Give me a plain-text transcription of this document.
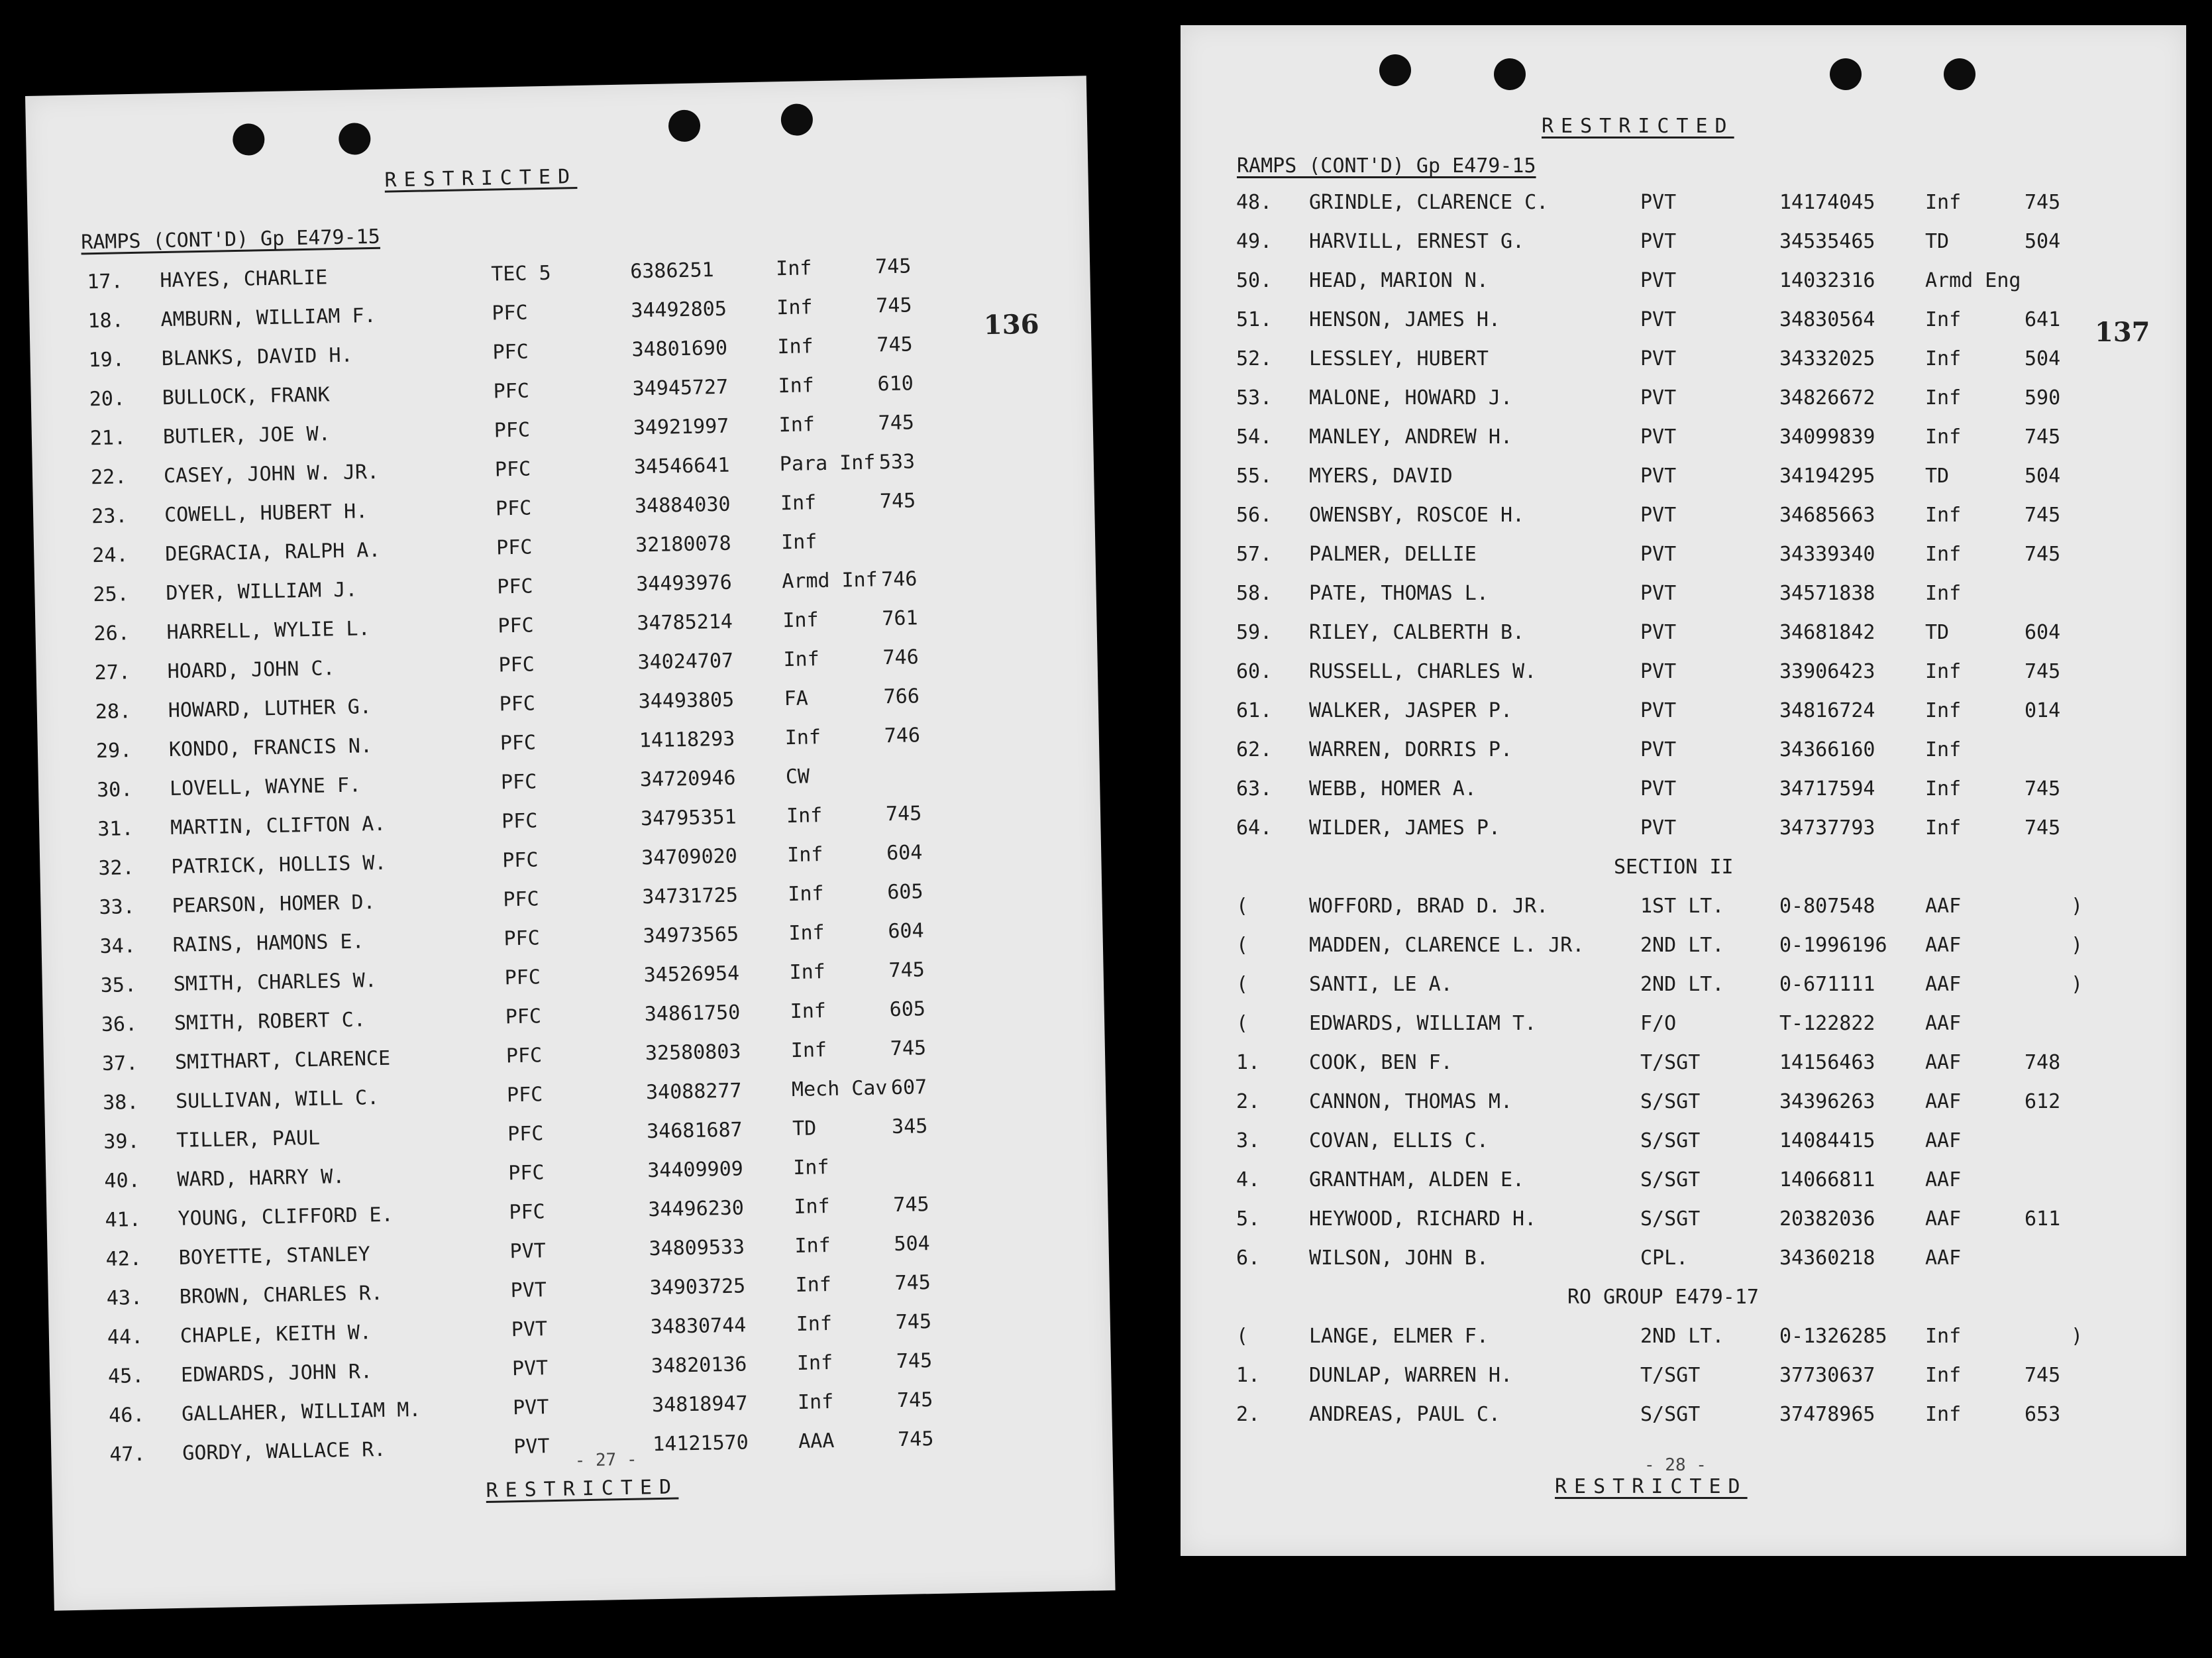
RESTRICTED
RAMPS (CONT'D) Gp E479-15
136
17. HAYES, CHARLIE	TEC 5	6386251	Inf	745
18. AMBURN, WILLIAM F.	PFC	34492805 Inf	745
19. BLANKS, DAVID H.	PFC	34801690 Inf	745
20. BULLOCK, FRANK	PFC	34945727 Inf	610
21. BUTLER, JOE W.	PFC	34921997 Inf	745
22. CASEY, JOHN W. JR.	PFC	34546641 Para Inf 533
23. COWELL, HUBERT H.	PFC	34884030 Inf	745
24. DEGRACIA, RALPH A.	PFC	32180078 Inf
25. DYER, WILLIAM J.	PFC	34493976 Armd Inf 746
26. HARRELL, WYLIE L.	PFC	34785214 Inf	761
27. HOARD, JOHN C.	PFC	34024707 Inf	746
28. HOWARD, LUTHER G.	PFC	34493805 FA	766
29. KONDO, FRANCIS N.	PFC	14118293 Inf	746
30. LOVELL, WAYNE F.	PFC	34720946 CW
31. MARTIN, CLIFTON A.	PFC	34795351 Inf	745
32. PATRICK, HOLLIS W.	PFC	34709020 Inf	604
33. PEARSON, HOMER D.	PFC	34731725 Inf	605
34. RAINS, HAMONS E.	PFC	34973565 Inf	604
35. SMITH, CHARLES W.	PFC	34526954 Inf	745
36. SMITH, ROBERT C.	PFC	34861750 Inf	605
37. SMITHART, CLARENCE	PFC	32580803 Inf	745
38. SULLIVAN, WILL C.	PFC	34088277 Mech Cav 607
39. TILLER, PAUL	PFC	34681687 TD	345
40. WARD, HARRY W.	PFC	34409909 Inf
41. YOUNG, CLIFFORD E.	PFC	34496230 Inf	745
42. BOYETTE, STANLEY	PVT	34809533 Inf	504
43. BROWN, CHARLES R.	PVT	34903725 Inf	745
44. CHAPLE, KEITH W.	PVT	34830744 Inf	745
45. EDWARDS, JOHN R.	PVT	34820136 Inf	745
46. GALLAHER, WILLIAM M.	PVT	34818947 Inf	745
47. GORDY, WALLACE R.	PVT	14121570 AAA	745
- 27 -
RESTRICTED
RESTRICTED
RAMPS (CONT'D) Gp E479-15
137
48. GRINDLE, CLARENCE C.	PVT	14174045	Inf	745
49. HARVILL, ERNEST G.	PVT	34535465	TD	504
50. HEAD, MARION N.	PVT	14032316	Armd Eng
51. HENSON, JAMES H.	PVT	34830564	Inf	641
52. LESSLEY, HUBERT	PVT	34332025	Inf	504
53. MALONE, HOWARD J.	PVT	34826672	Inf	590
54. MANLEY, ANDREW H.	PVT	34099839	Inf	745
55. MYERS, DAVID	PVT	34194295	TD	504
56. OWENSBY, ROSCOE H.	PVT	34685663	Inf	745
57. PALMER, DELLIE	PVT	34339340	Inf	745
58. PATE, THOMAS L.	PVT	34571838	Inf
59. RILEY, CALBERTH B.	PVT	34681842	TD	604
60. RUSSELL, CHARLES W.	PVT	33906423	Inf	745
61. WALKER, JASPER P.	PVT	34816724	Inf	014
62. WARREN, DORRIS P.	PVT	34366160	Inf
63. WEBB, HOMER A.	PVT	34717594	Inf	745
64. WILDER, JAMES P.	PVT	34737793	Inf	745
SECTION II
(	WOFFORD, BRAD D. JR.	1ST LT.	0-807548	AAF	)
(	MADDEN, CLARENCE L. JR.	2ND LT.	0-1996196 AAF	)
(	SANTI, LE A.	2ND LT.	0-671111	AAF	)
(	EDWARDS, WILLIAM T.	F/O	T-122822	AAF
1. COOK, BEN F.	T/SGT	14156463	AAF	748
2. CANNON, THOMAS M.	S/SGT	34396263	AAF	612
3. COVAN, ELLIS C.	S/SGT	14084415	AAF
4. GRANTHAM, ALDEN E.	S/SGT	14066811	AAF
5. HEYWOOD, RICHARD H.	S/SGT	20382036	AAF	611
6. WILSON, JOHN B.	CPL.	34360218	AAF
RO GROUP E479-17
(	LANGE, ELMER F.	2ND LT.	0-1326285 Inf	)
1. DUNLAP, WARREN H.	T/SGT	37730637	Inf	745
2. ANDREAS, PAUL C.	S/SGT	37478965	Inf	653
- 28 -
RESTRICTED
